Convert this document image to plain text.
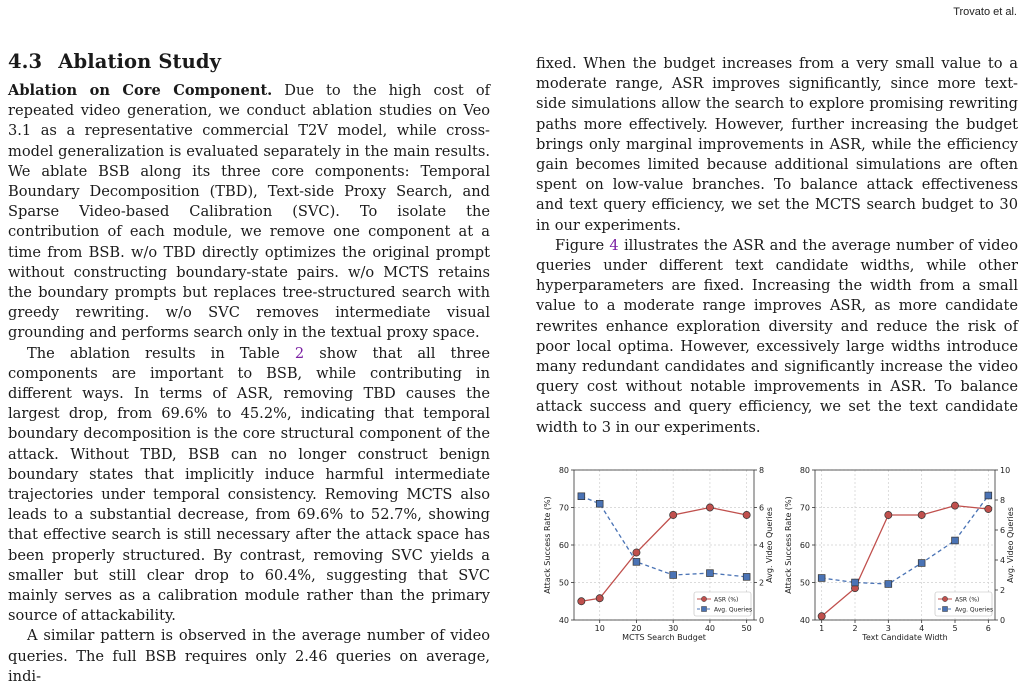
Trovato et al.
4.3 Ablation Study

Ablation on Core Component. Due to the high cost of repeated video generation, we conduct ablation studies on Veo 3.1 as a representative commercial T2V model, while cross-model generalization is evaluated separately in the main results. We ablate BSB along its three core components: Temporal Boundary Decomposition (TBD), Text-side Proxy Search, and Sparse Video-based Calibration (SVC). To isolate the contribution of each module, we remove one component at a time from BSB. w/o TBD directly optimizes the original prompt without constructing boundary-state pairs. w/o MCTS retains the boundary prompts but replaces tree-structured search with greedy rewriting. w/o SVC removes intermediate visual grounding and performs search only in the textual proxy space.

The ablation results in Table 2 show that all three components are important to BSB, while contributing in different ways. In terms of ASR, removing TBD causes the largest drop, from 69.6% to 45.2%, indicating that temporal boundary decomposition is the core structural component of the attack. Without TBD, BSB can no longer construct benign boundary states that implicitly induce harmful intermediate trajectories under temporal consistency. Removing MCTS also leads to a substantial decrease, from 69.6% to 52.7%, showing that effective search is still necessary after the attack space has been properly structured. By contrast, removing SVC yields a smaller but still clear drop to 60.4%, suggesting that SVC mainly serves as a calibration module rather than the primary source of attackability.

A similar pattern is observed in the average number of video queries. The full BSB requires only 2.46 queries on average, indi-

fixed. When the budget increases from a very small value to a moderate range, ASR improves significantly, since more text-side simulations allow the search to explore promising rewriting paths more effectively. However, further increasing the budget brings only marginal improvements in ASR, while the efficiency gain becomes limited because additional simulations are often spent on low-value branches. To balance attack effectiveness and text query efficiency, we set the MCTS search budget to 30 in our experiments.

Figure 4 illustrates the ASR and the average number of video queries under different text candidate widths, while other hyperparameters are fixed. Increasing the width from a small value to a moderate range improves ASR, as more candidate rewrites enhance exploration diversity and reduce the risk of poor local optima. However, excessively large widths introduce many redundant candidates and significantly increase the video query cost without notable improvements in ASR. To balance attack success and query efficiency, we set the text candidate width to 3 in our experiments.

10	20	30	40	50
40
50
60
70
80
0
2
4
6
8
MCTS Search Budget
Attack Success Rate (%)	Avg. Video Queries
ASR (%)
Avg. Queries
1	2	3	4	5	6
40
50
60
70
80
0
2
4
6
8
10
Text Candidate Width
Attack Success Rate (%)	Avg. Video Queries
ASR (%)
Avg. Queries
